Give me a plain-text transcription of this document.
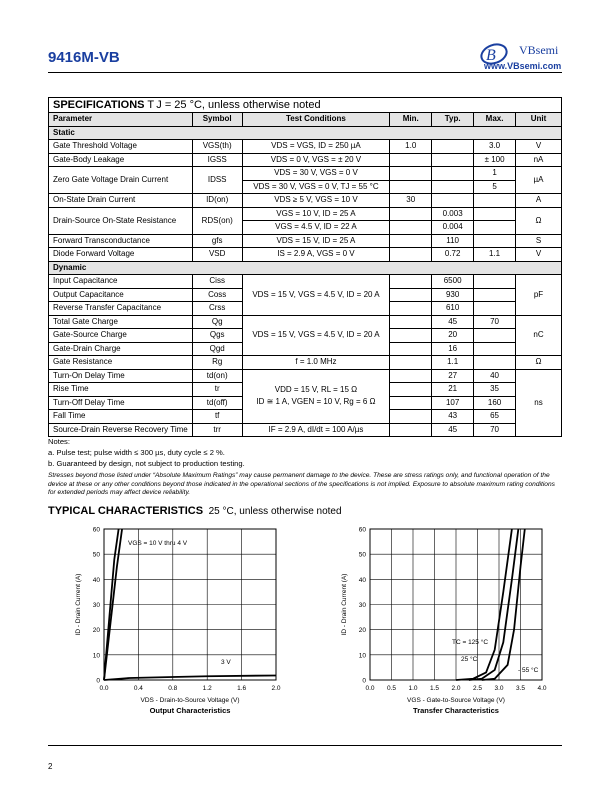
9416M-VB	B VBsemi
www.VBsemi.com
SPECIFICATIONS T J = 25 °C, unless otherwise noted						
Parameter	Symbol	Test Conditions	Min.	Typ.	Max.	Unit
Static						
Gate Threshold Voltage	VGS(th)	VDS = VGS, ID = 250 µA	1.0		3.0	V
Gate-Body Leakage	IGSS	VDS = 0 V, VGS = ± 20 V			± 100	nA
Zero Gate Voltage Drain Current	IDSS	VDS = 30 V, VGS = 0 V			1	µA
		VDS = 30 V, VGS = 0 V, TJ = 55 °C			5	
On-State Drain Current	ID(on)	VDS ≥ 5 V, VGS = 10 V	30			A
Drain-Source On-State Resistance	RDS(on)	VGS = 10 V, ID = 25 A		0.003		Ω
		VGS = 4.5 V, ID = 22 A		0.004		
Forward Transconductance	gfs	VDS = 15 V, ID = 25 A		110		S
Diode Forward Voltage	VSD	IS = 2.9 A, VGS = 0 V		0.72	1.1	V
Dynamic						
Input Capacitance	Ciss	VDS = 15 V, VGS = 4.5 V, ID = 20 A		6500		pF
Output Capacitance	Coss			930		
Reverse Transfer Capacitance	Crss			610		
Total Gate Charge	Qg	VDS = 15 V, VGS = 4.5 V, ID = 20 A		45	70	nC
Gate-Source Charge	Qgs			20		
Gate-Drain Charge	Qgd			16		
Gate Resistance	Rg	f = 1.0 MHz		1.1		Ω
Turn-On Delay Time	td(on)	VDD = 15 V, RL = 15 Ω
ID ≅ 1 A, VGEN = 10 V, Rg = 6 Ω		27	40	ns
Rise Time	tr			21	35	
Turn-Off Delay Time	td(off)			107	160	
Fall Time	tf			43	65	
Source-Drain Reverse Recovery Time	trr	IF = 2.9 A, dI/dt = 100 A/µs		45	70	
Notes:
a. Pulse test; pulse width ≤ 300 µs, duty cycle ≤ 2 %.
b. Guaranteed by design, not subject to production testing.
Stresses beyond those listed under “Absolute Maximum Ratings” may cause permanent damage to the device. These are stress ratings only, and functional operation of the device at these or any other conditions beyond those indicated in the operational sections of the specifications is not implied. Exposure to absolute maximum rating conditions for extended periods may affect device reliability.
TYPICAL CHARACTERISTICS 25 °C, unless otherwise noted
0.0	0.4	0.8	1.2	1.6	2.0
0
10
20
30
40
50
60
VDS - Drain-to-Source Voltage (V)
Output Characteristics
ID - Drain Current (A)
VGS = 10 V thru 4 V
3 V
0.0 0.5 1.0 1.5 2.0 2.5 3.0 3.5 4.0
0
10
20
30
40
50
60
VGS - Gate-to-Source Voltage (V)
Transfer Characteristics
ID - Drain Current (A)
TC = 125 °C
25 °C
- 55 °C
2
